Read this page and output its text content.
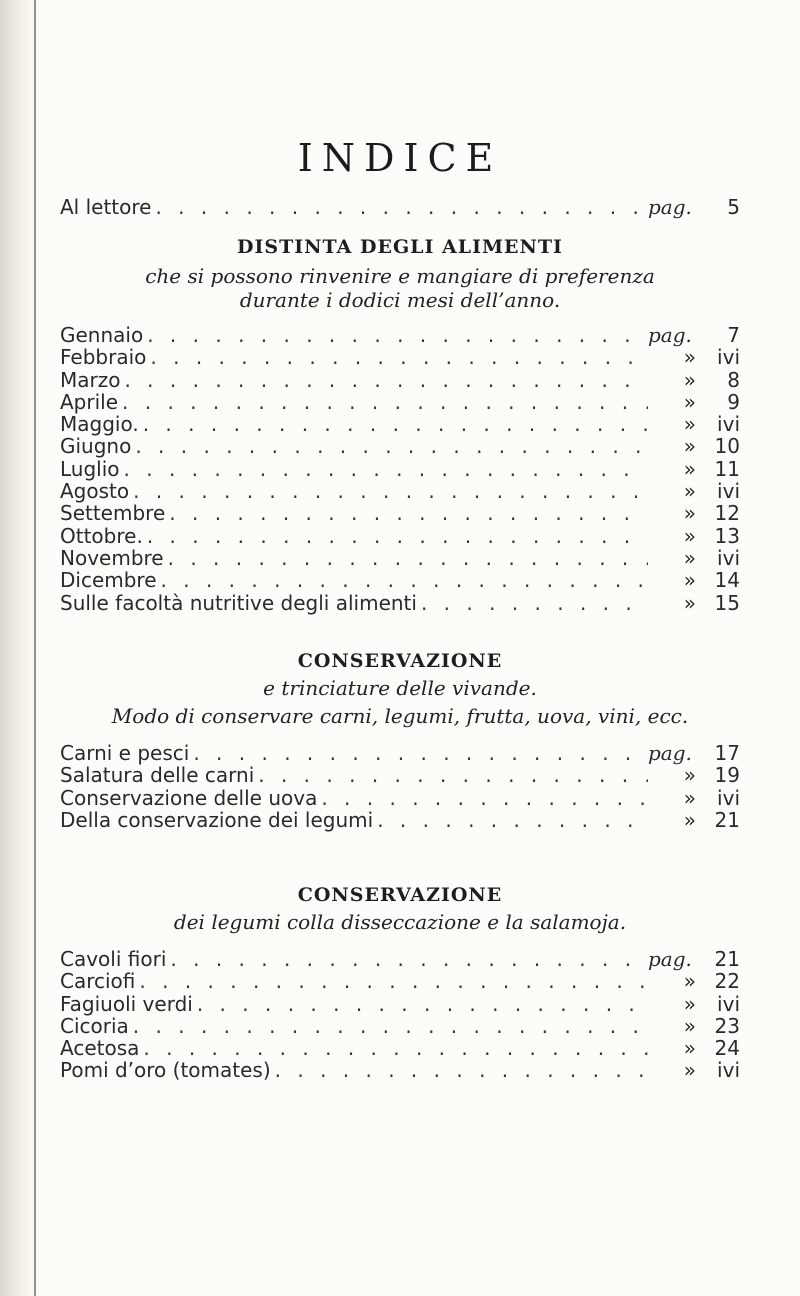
INDICE
Al lettore . . .	pag.	5
DISTINTA DEGLI ALIMENTI
che si possono rinvenire e mangiare di preferenza
durante i dodici mesi dell’anno.
Gennaio . . .	pag.	7
Febbraio . . .	»	ivi
Marzo . . .	»	8
Aprile . . .	»	9
Maggio. . . .	»	ivi
Giugno . . .	» 10
Luglio . . .	» 11
Agosto . . .	»	ivi
Settembre . . .	» 12
Ottobre. . . .	» 13
Novembre . . .	»	ivi
Dicembre . . .	» 14
Sulle facoltà nutritive degli alimenti . . .	» 15
CONSERVAZIONE
e trinciature delle vivande.
Modo di conservare carni, legumi, frutta, uova, vini, ecc.
Carni e pesci . . .	pag.	17
Salatura delle carni . . .	» 19
Conservazione delle uova . . .	»	ivi
Della conservazione dei legumi . . .	» 21
CONSERVAZIONE
dei legumi colla disseccazione e la salamoja.
Cavoli fiori . . .	pag.	21
Carciofi . . .	» 22
Fagiuoli verdi . . .	»	ivi
Cicoria . . .	» 23
Acetosa . . .	» 24
Pomi d’oro (tomates) . . .	»	ivi
